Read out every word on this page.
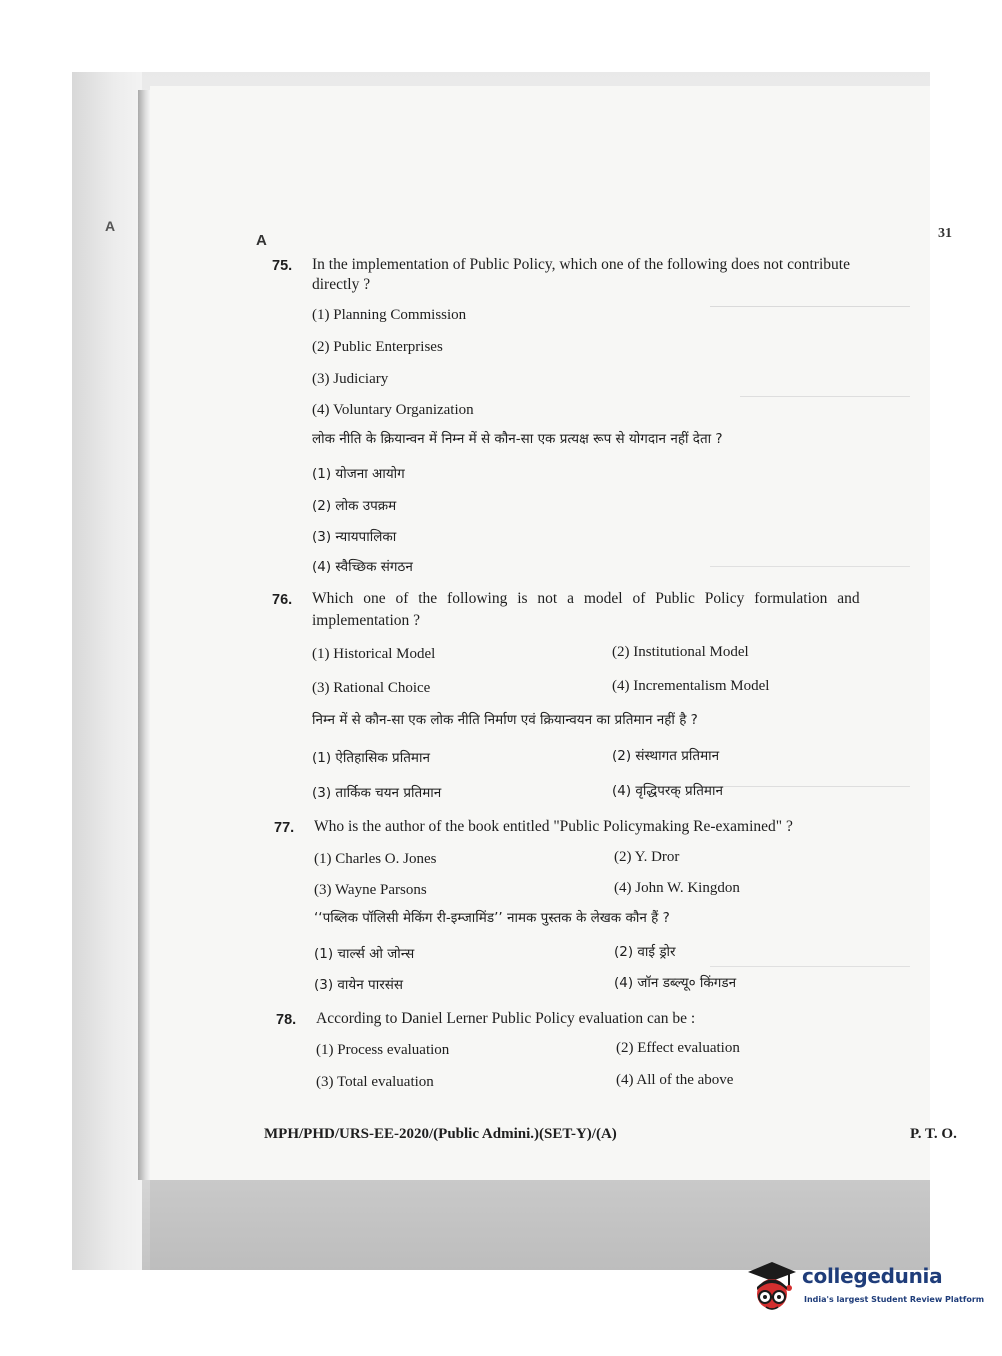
A
A	31
75. In the implementation of Public Policy, which one of the following does not contribute
directly ?
(1) Planning Commission
(2) Public Enterprises
(3) Judiciary
(4) Voluntary Organization
लोक नीति के क्रियान्वन में निम्न में से कौन-सा एक प्रत्यक्ष रूप से योगदान नहीं देता ?
(1) योजना आयोग
(2) लोक उपक्रम
(3) न्यायपालिका
(4) स्वैच्छिक संगठन
76. Which one of the following is not a model of Public Policy formulation and
implementation ?
(1) Historical Model	(2) Institutional Model
(3) Rational Choice	(4) Incrementalism Model
निम्न में से कौन-सा एक लोक नीति निर्माण एवं क्रियान्वयन का प्रतिमान नहीं है ?
(1) ऐतिहासिक प्रतिमान	(2) संस्थागत प्रतिमान
(3) तार्किक चयन प्रतिमान	(4) वृद्धिपरक् प्रतिमान
77. Who is the author of the book entitled "Public Policymaking Re-examined" ?
(1) Charles O. Jones	(2) Y. Dror
(3) Wayne Parsons	(4) John W. Kingdon
‘‘पब्लिक पॉलिसी मेकिंग री-इम्जामिंड’’ नामक पुस्तक के लेखक कौन हैं ?
(1) चार्ल्स ओ जोन्स	(2) वाई ड्रोर
(3) वायेन पारसंस	(4) जॉन डब्ल्यू० किंगडन
78. According to Daniel Lerner Public Policy evaluation can be :
(1) Process evaluation	(2) Effect evaluation
(3) Total evaluation	(4) All of the above
MPH/PHD/URS-EE-2020/(Public Admini.)(SET-Y)/(A)	P. T. O.
collegedunia
India's largest Student Review Platform
